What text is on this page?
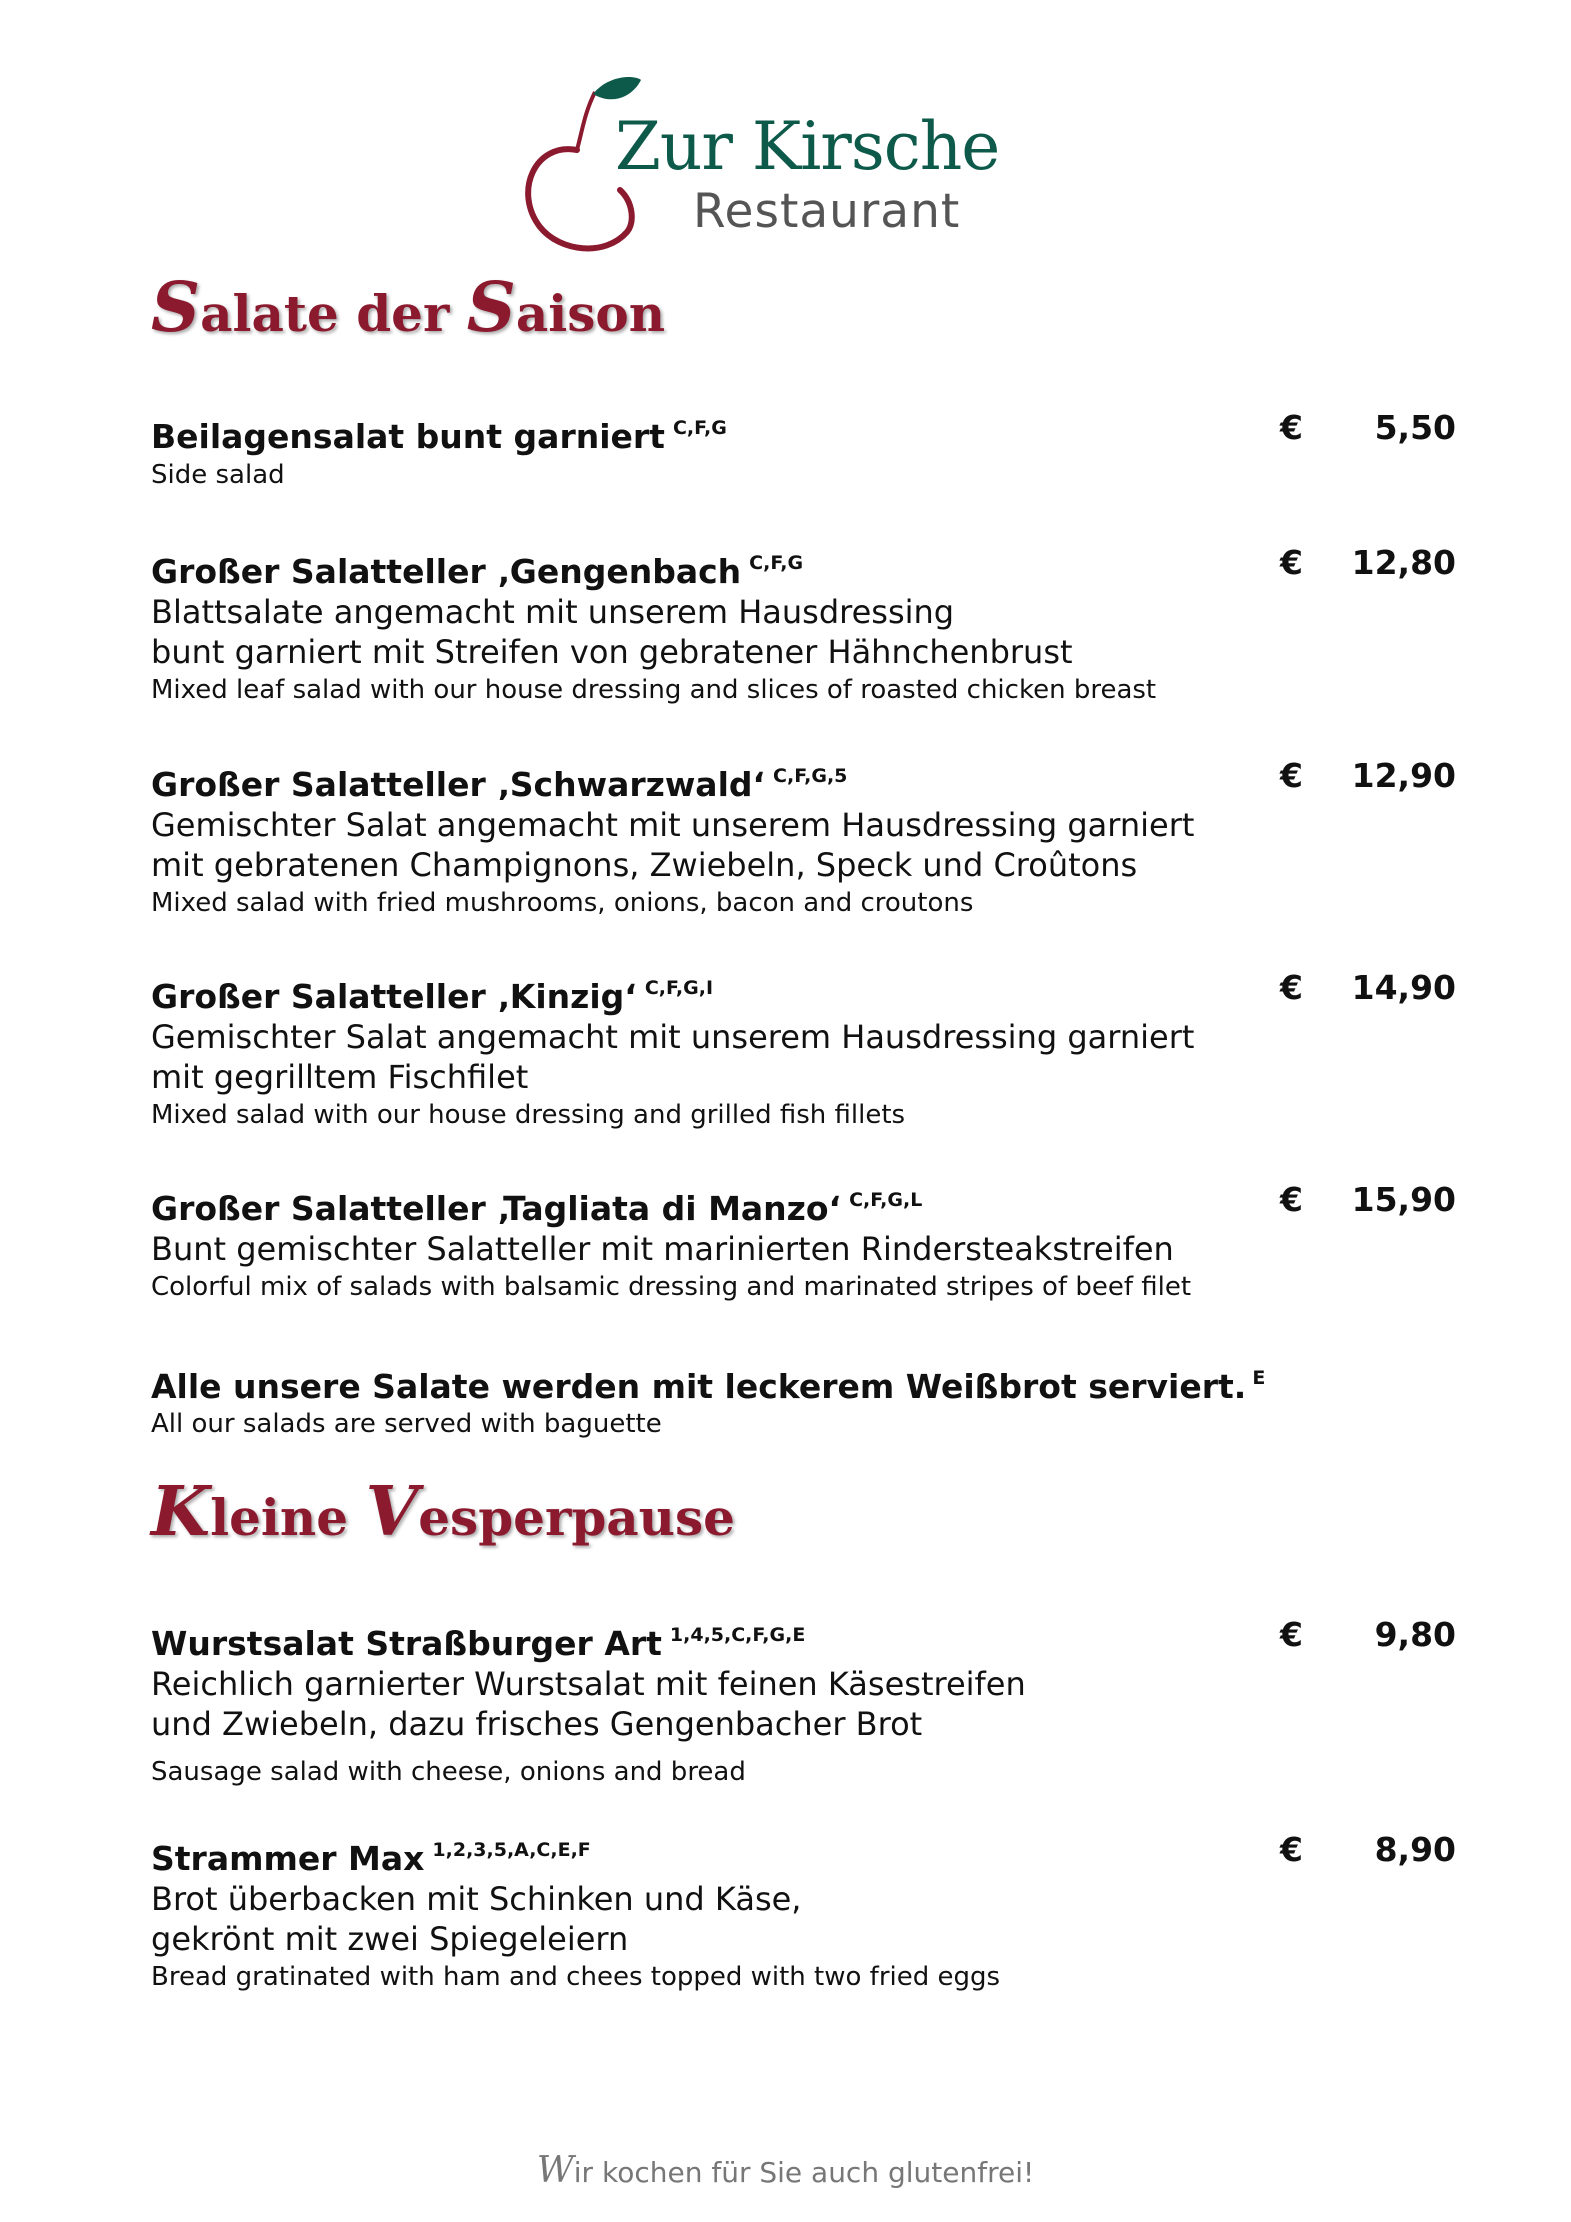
Zur Kirsche
Restaurant
Salate der Saison
Beilagensalat bunt garniert $^{C,F,G}$
Side salad
€ 5,50
Großer Salatteller ‚Gengenbach $^{C,F,G}$
Blattsalate angemacht mit unserem Hausdressing
bunt garniert mit Streifen von gebratener Hähnchenbrust
Mixed leaf salad with our house dressing and slices of roasted chicken breast
€ 12,80
Großer Salatteller ‚Schwarzwald‘ $^{C,F,G,5}$
Gemischter Salat angemacht mit unserem Hausdressing garniert
mit gebratenen Champignons, Zwiebeln, Speck und Croûtons
Mixed salad with fried mushrooms, onions, bacon and croutons
€ 12,90
Großer Salatteller ‚Kinzig‘ $^{C,F,G,I}$
Gemischter Salat angemacht mit unserem Hausdressing garniert
mit gegrilltem Fischfilet
Mixed salad with our house dressing and grilled fish fillets
€ 14,90
Großer Salatteller ‚Tagliata di Manzo‘ $^{C,F,G,L}$
Bunt gemischter Salatteller mit marinierten Rindersteakstreifen
Colorful mix of salads with balsamic dressing and marinated stripes of beef filet
€ 15,90
Alle unsere Salate werden mit leckerem Weißbrot serviert. $^E$
All our salads are served with baguette
Kleine Vesperpause
Wurstsalat Straßburger Art $^{1,4,5,C,F,G,E}$
Reichlich garnierter Wurstsalat mit feinen Käsestreifen
und Zwiebeln, dazu frisches Gengenbacher Brot
Sausage salad with cheese, onions and bread
€ 9,80
Strammer Max $^{1,2,3,5,A,C,E,F}$
Brot überbacken mit Schinken und Käse,
gekrönt mit zwei Spiegeleiern
Bread gratinated with ham and chees topped with two fried eggs
€ 8,90
Wir kochen für Sie auch glutenfrei!
